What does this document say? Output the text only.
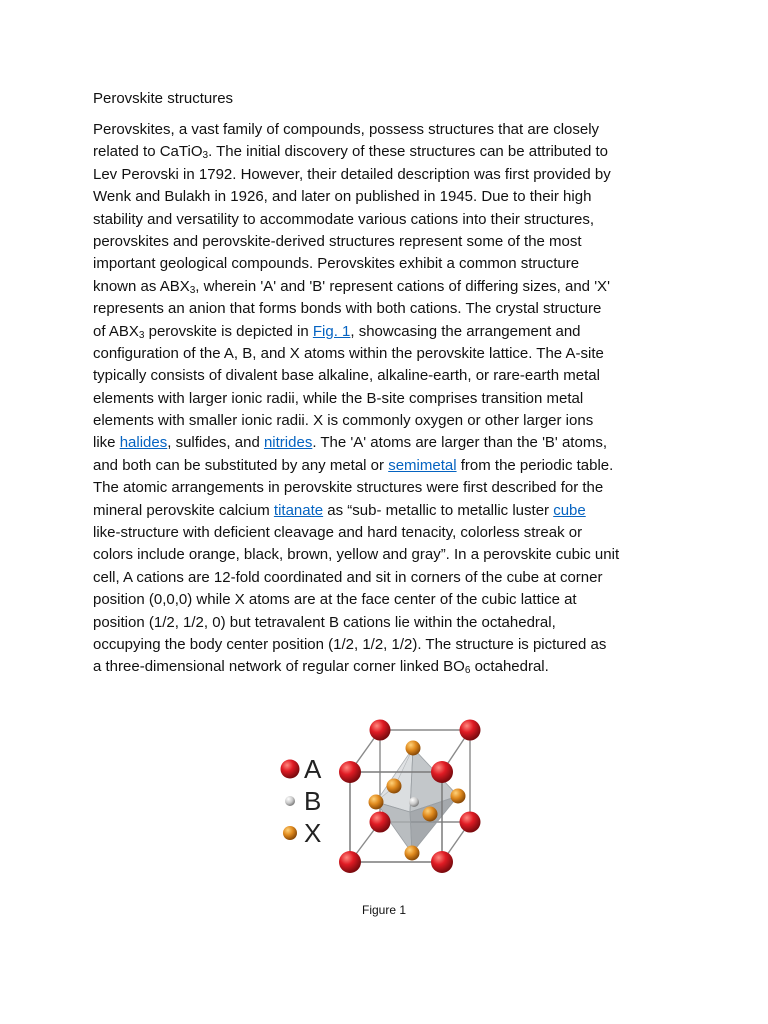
Perovskite structures
Perovskites, a vast family of compounds, possess structures that are closely
related to CaTiO$_3$. The initial discovery of these structures can be attributed to
Lev Perovski in 1792. However, their detailed description was first provided by
Wenk and Bulakh in 1926, and later on published in 1945. Due to their high
stability and versatility to accommodate various cations into their structures,
perovskites and perovskite-derived structures represent some of the most
important geological compounds. Perovskites exhibit a common structure
known as $ABX_3$, wherein 'A' and 'B' represent cations of differing sizes, and 'X'
represents an anion that forms bonds with both cations. The crystal structure
of $ABX_3$ perovskite is depicted in Fig. 1, showcasing the arrangement and
configuration of the A, B, and X atoms within the perovskite lattice. The A-site
typically consists of divalent base alkaline, alkaline-earth, or rare-earth metal
elements with larger ionic radii, while the B-site comprises transition metal
elements with smaller ionic radii. X is commonly oxygen or other larger ions
like halides, sulfides, and nitrides. The 'A' atoms are larger than the 'B' atoms,
and both can be substituted by any metal or semimetal from the periodic table.
The atomic arrangements in perovskite structures were first described for the
mineral perovskite calcium titanate as “sub- metallic to metallic luster cube
like-structure with deficient cleavage and hard tenacity, colorless streak or
colors include orange, black, brown, yellow and gray”. In a perovskite cubic unit
cell, A cations are 12-fold coordinated and sit in corners of the cube at corner
position (0,0,0) while X atoms are at the face center of the cubic lattice at
position (1/2, 1/2, 0) but tetravalent B cations lie within the octahedral,
occupying the body center position (1/2, 1/2, 1/2). The structure is pictured as
a three-dimensional network of regular corner linked $BO_6$ octahedral.
A
B
X
Figure 1
